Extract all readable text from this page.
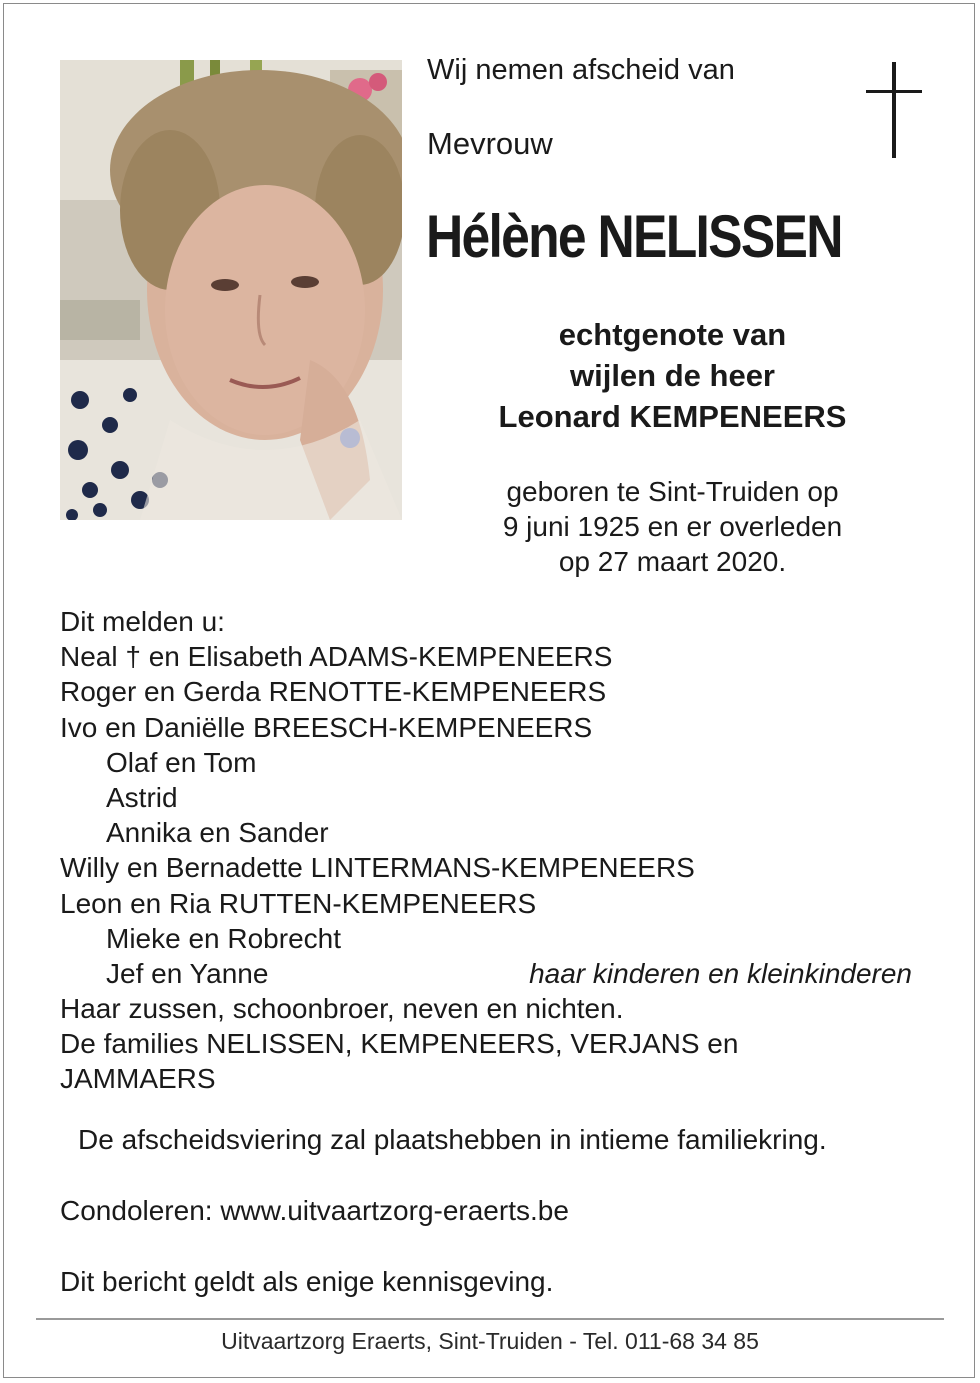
Wij nemen afscheid van
Mevrouw
Hélène NELISSEN
echtgenote van
wijlen de heer
Leonard KEMPENEERS
geboren te Sint-Truiden op
9 juni 1925 en er overleden
op 27 maart 2020.
Dit melden u:
Neal † en Elisabeth ADAMS-KEMPENEERS
Roger en Gerda RENOTTE-KEMPENEERS
Ivo en Daniëlle BREESCH-KEMPENEERS
Olaf en Tom
Astrid
Annika en Sander
Willy en Bernadette LINTERMANS-KEMPENEERS
Leon en Ria RUTTEN-KEMPENEERS
Mieke en Robrecht
Jef en Yanne	haar kinderen en kleinkinderen
Haar zussen, schoonbroer, neven en nichten.
De families NELISSEN, KEMPENEERS, VERJANS en
JAMMAERS
De afscheidsviering zal plaatshebben in intieme familiekring.
Condoleren: www.uitvaartzorg-eraerts.be
Dit bericht geldt als enige kennisgeving.
Uitvaartzorg Eraerts, Sint-Truiden - Tel. 011-68 34 85
